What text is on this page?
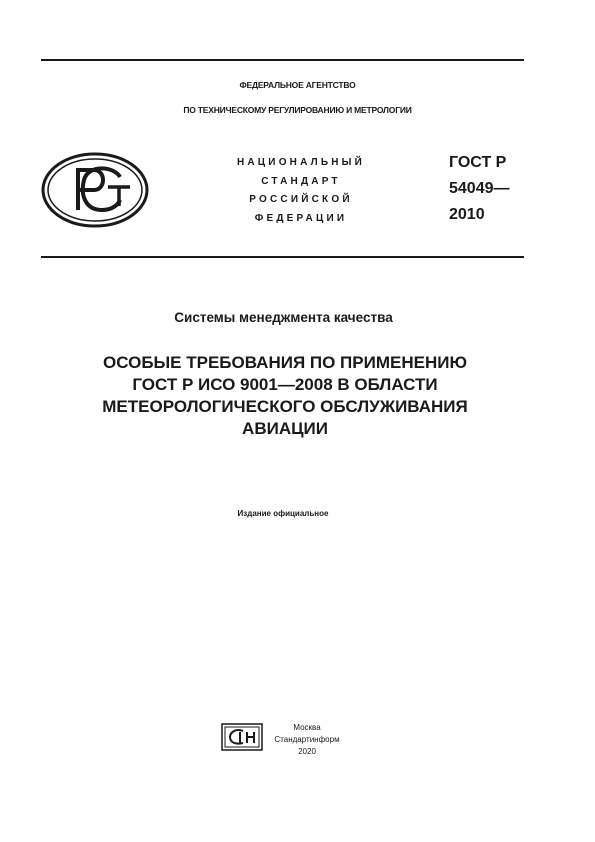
ФЕДЕРАЛЬНОЕ АГЕНТСТВО
ПО ТЕХНИЧЕСКОМУ РЕГУЛИРОВАНИЮ И МЕТРОЛОГИИ
НАЦИОНАЛЬНЫЙ
СТАНДАРТ
РОССИЙСКОЙ
ФЕДЕРАЦИИ
ГОСТ Р
54049—
2010
Системы менеджмента качества
ОСОБЫЕ ТРЕБОВАНИЯ ПО ПРИМЕНЕНИЮ
ГОСТ Р ИСО 9001—2008 В ОБЛАСТИ
МЕТЕОРОЛОГИЧЕСКОГО ОБСЛУЖИВАНИЯ
АВИАЦИИ
Издание официальное
Москва
Стандартинформ
2020
